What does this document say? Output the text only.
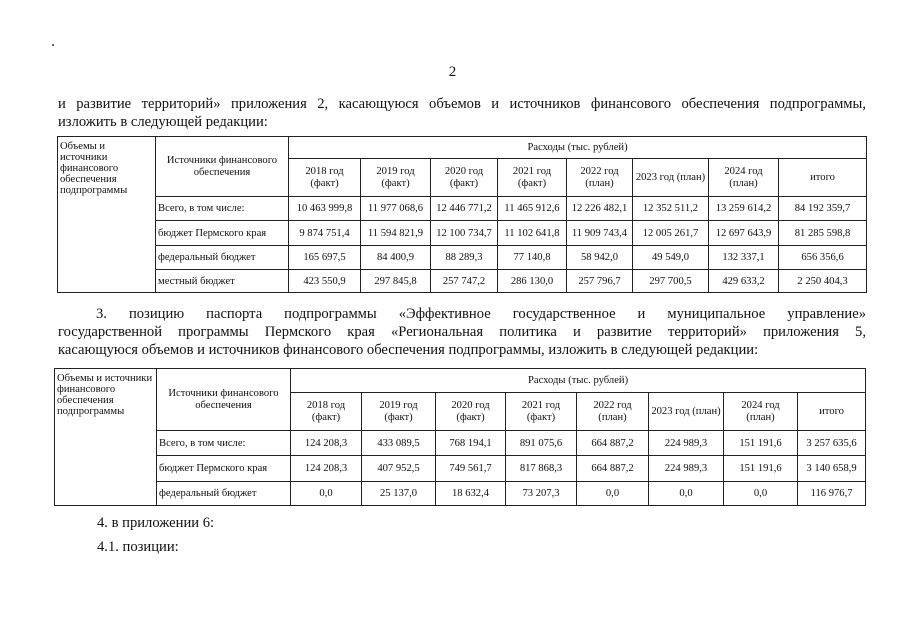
2
и развитие территорий» приложения 2, касающуюся объемов и источников финансового обеспечения подпрограммы,
изложить в следующей редакции:
Объемы и источники финансового обеспечения подпрограммы	Источники финансового обеспечения	Расходы (тыс. рублей)							
		2018 год (факт)	2019 год (факт)	2020 год (факт)	2021 год (факт)	2022 год (план)	2023 год (план)	2024 год (план)	итого
	Всего, в том числе:	10 463 999,8	11 977 068,6	12 446 771,2	11 465 912,6	12 226 482,1	12 352 511,2	13 259 614,2	84 192 359,7
	бюджет Пермского края	9 874 751,4	11 594 821,9	12 100 734,7	11 102 641,8	11 909 743,4	12 005 261,7	12 697 643,9	81 285 598,8
	федеральный бюджет	165 697,5	84 400,9	88 289,3	77 140,8	58 942,0	49 549,0	132 337,1	656 356,6
	местный бюджет	423 550,9	297 845,8	257 747,2	286 130,0	257 796,7	297 700,5	429 633,2	2 250 404,3
3. позицию паспорта подпрограммы «Эффективное государственное и муниципальное управление»
государственной программы Пермского края «Региональная политика и развитие территорий» приложения 5,
касающуюся объемов и источников финансового обеспечения подпрограммы, изложить в следующей редакции:
Объемы и источники финансового обеспечения подпрограммы	Источники финансового обеспечения	Расходы (тыс. рублей)							
		2018 год (факт)	2019 год (факт)	2020 год (факт)	2021 год (факт)	2022 год (план)	2023 год (план)	2024 год (план)	итого
	Всего, в том числе:	124 208,3	433 089,5	768 194,1	891 075,6	664 887,2	224 989,3	151 191,6	3 257 635,6
	бюджет Пермского края	124 208,3	407 952,5	749 561,7	817 868,3	664 887,2	224 989,3	151 191,6	3 140 658,9
	федеральный бюджет	0,0	25 137,0	18 632,4	73 207,3	0,0	0,0	0,0	116 976,7
4. в приложении 6:
4.1. позиции:
